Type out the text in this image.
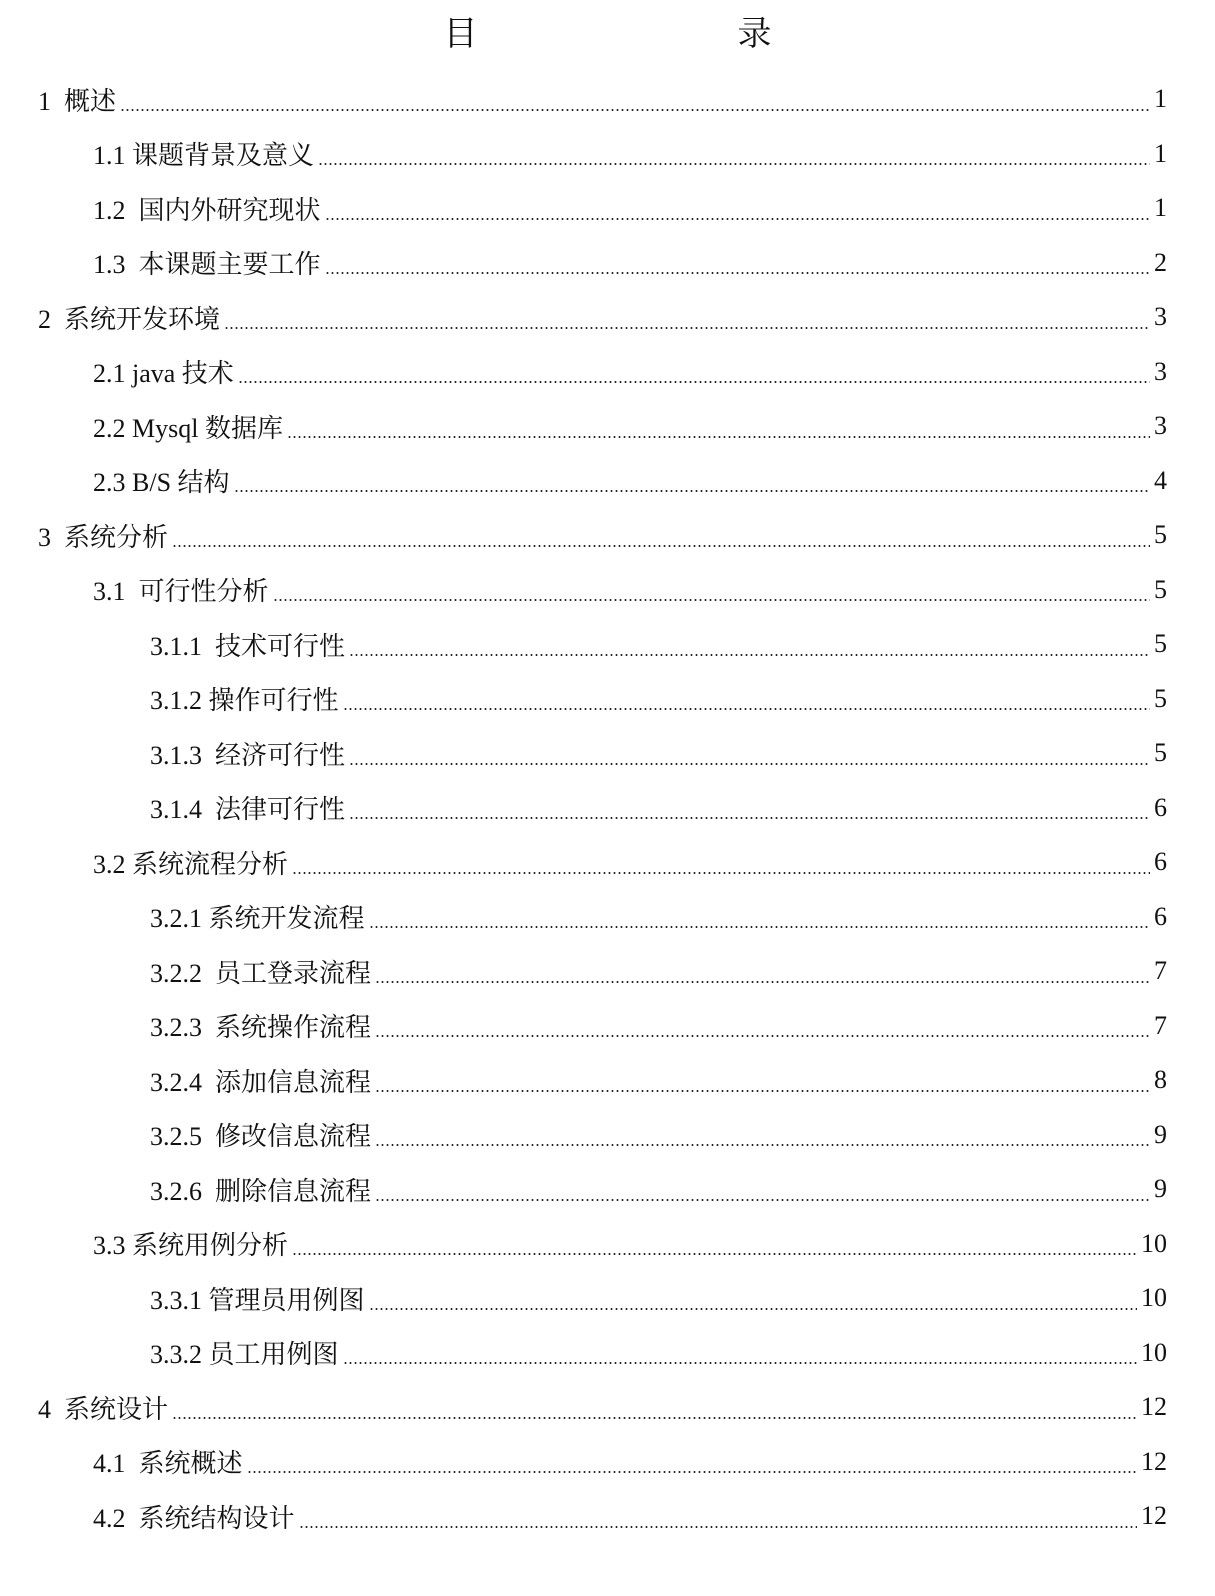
目　　录
1 概述	1
1.1 课题背景及意义	1
1.2 国内外研究现状	1
1.3 本课题主要工作	2
2 系统开发环境	3
2.1 java 技术	3
2.2 Mysql 数据库	3
2.3 B/S 结构	4
3 系统分析	5
3.1 可行性分析	5
3.1.1 技术可行性	5
3.1.2 操作可行性	5
3.1.3 经济可行性	5
3.1.4 法律可行性	6
3.2 系统流程分析	6
3.2.1 系统开发流程	6
3.2.2 员工登录流程	7
3.2.3 系统操作流程	7
3.2.4 添加信息流程	8
3.2.5 修改信息流程	9
3.2.6 删除信息流程	9
3.3 系统用例分析	10
3.3.1 管理员用例图	10
3.3.2 员工用例图	10
4 系统设计	12
4.1 系统概述	12
4.2 系统结构设计	12
